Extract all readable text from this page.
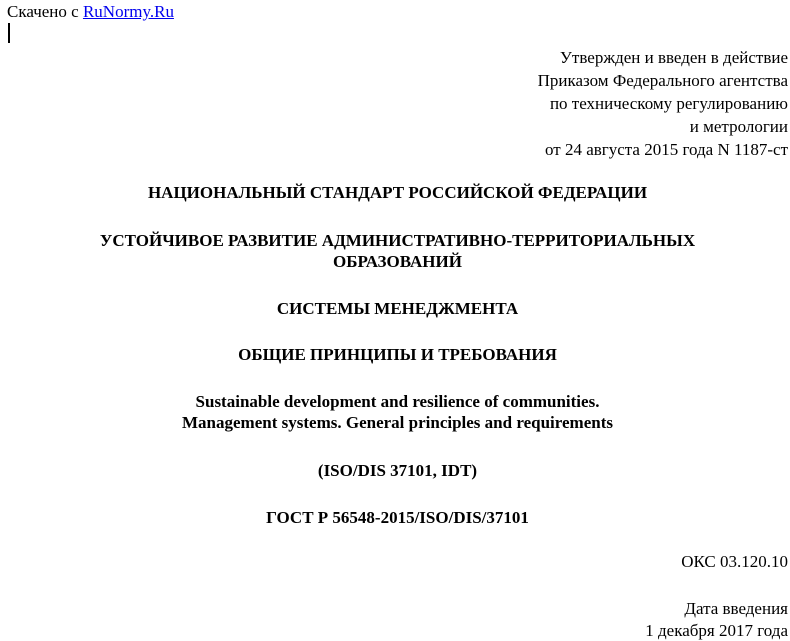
Скачено с RuNormy.Ru
Утвержден и введен в действие
Приказом Федерального агентства
по техническому регулированию
и метрологии
от 24 августа 2015 года N 1187-ст
НАЦИОНАЛЬНЫЙ СТАНДАРТ РОССИЙСКОЙ ФЕДЕРАЦИИ
УСТОЙЧИВОЕ РАЗВИТИЕ АДМИНИСТРАТИВНО-ТЕРРИТОРИАЛЬНЫХ
ОБРАЗОВАНИЙ
СИСТЕМЫ МЕНЕДЖМЕНТА
ОБЩИЕ ПРИНЦИПЫ И ТРЕБОВАНИЯ
Sustainable development and resilience of communities.
Management systems. General principles and requirements
(ISO/DIS 37101, IDT)
ГОСТ Р 56548-2015/ISO/DIS/37101
ОКС 03.120.10
Дата введения
1 декабря 2017 года
